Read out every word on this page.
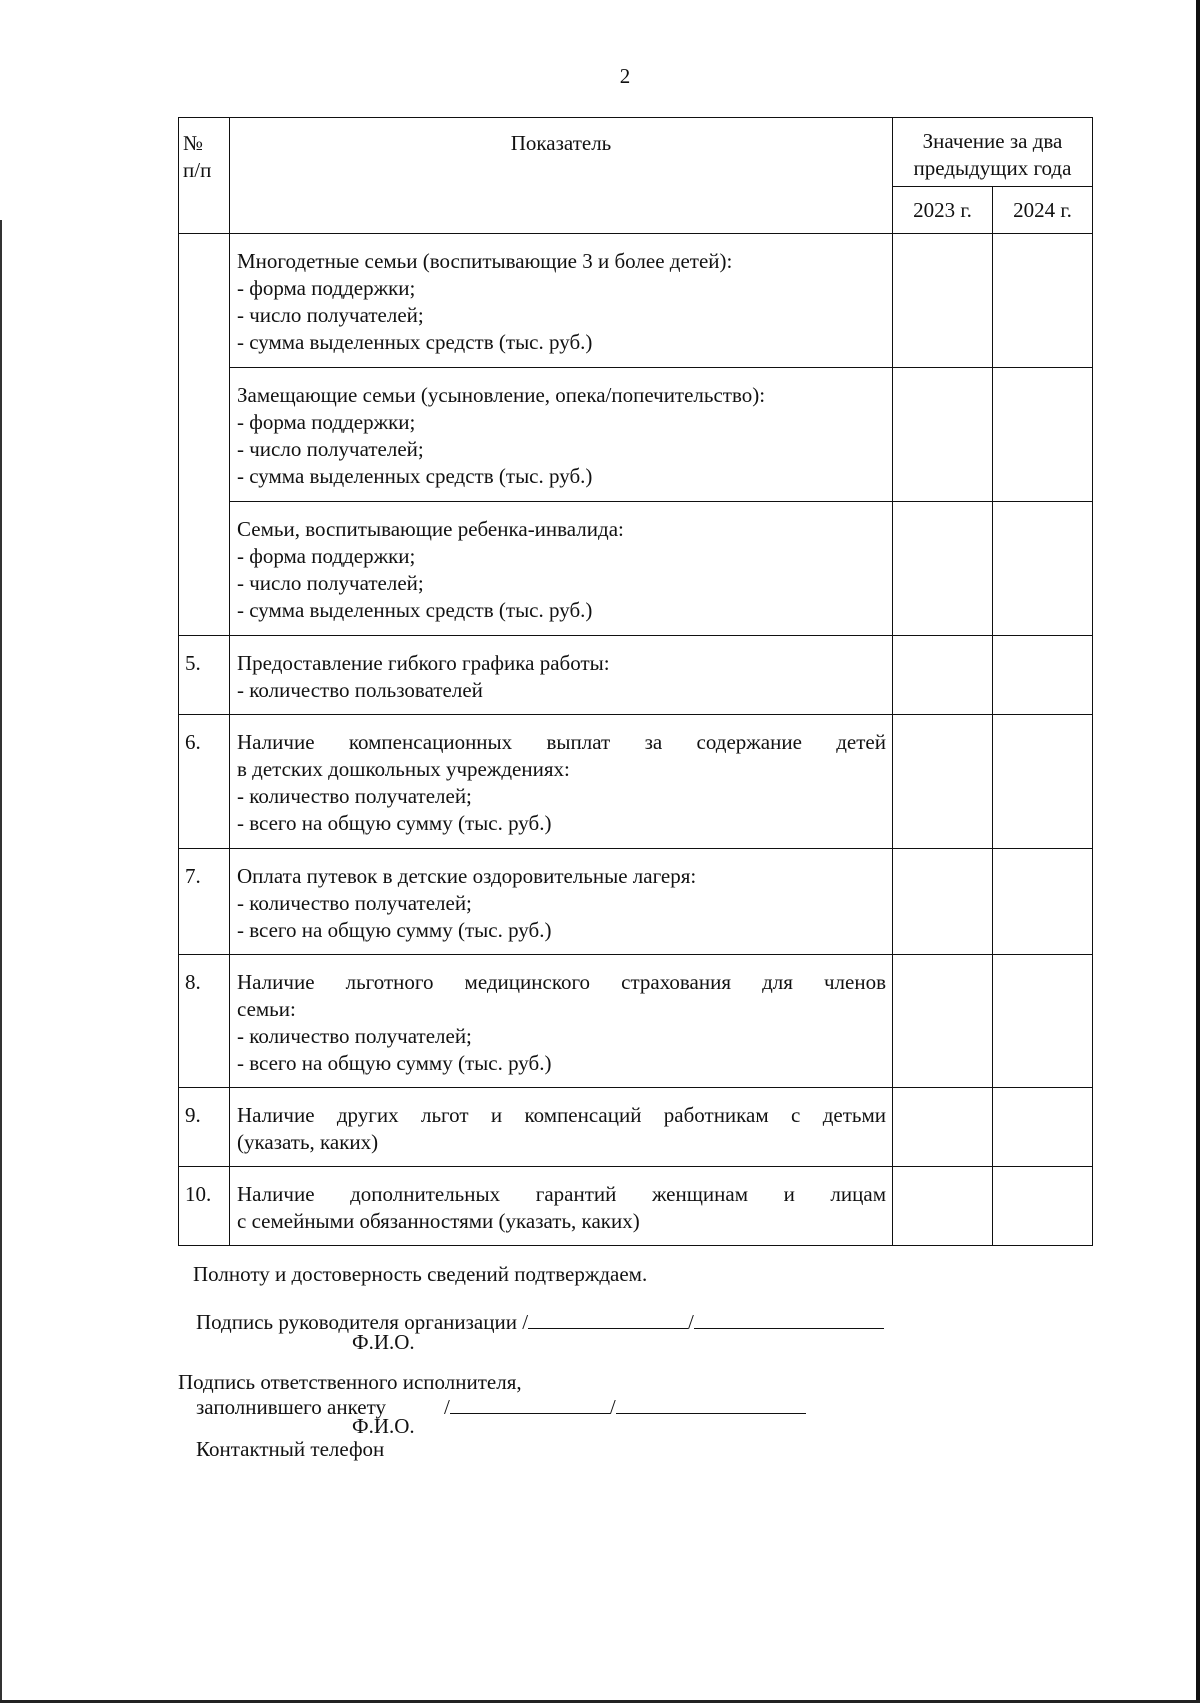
2
№ п/п	Показатель	Значение за два предыдущих года	
		2023 г.	2024 г.

	Многодетные семьи (воспитывающие 3 и более детей):
- форма поддержки;
- число получателей;
- сумма выделенных средств (тыс. руб.)		

	Замещающие семьи (усыновление, опека/попечительство):
- форма поддержки;
- число получателей;
- сумма выделенных средств (тыс. руб.)		

	Семьи, воспитывающие ребенка-инвалида:
- форма поддержки;
- число получателей;
- сумма выделенных средств (тыс. руб.)		

5.	Предоставление гибкого графика работы:
- количество пользователей		

6.	Наличие компенсационных выплат за содержание детей
в детских дошкольных учреждениях:
- количество получателей;
- всего на общую сумму (тыс. руб.)		

7.	Оплата путевок в детские оздоровительные лагеря:
- количество получателей;
- всего на общую сумму (тыс. руб.)		

8.	Наличие льготного медицинского страхования для членов
семьи:
- количество получателей;
- всего на общую сумму (тыс. руб.)		

9.	Наличие других льгот и компенсаций работникам с детьми
(указать, каких)		

10.	Наличие дополнительных гарантий женщинам и лицам
с семейными обязанностями (указать, каких)		

Полноту и достоверность сведений подтверждаем.
Подпись руководителя организации /	/
Ф.И.О.
Подпись ответственного исполнителя,
заполнившего анкету	/	/
Ф.И.О.
Контактный телефон
